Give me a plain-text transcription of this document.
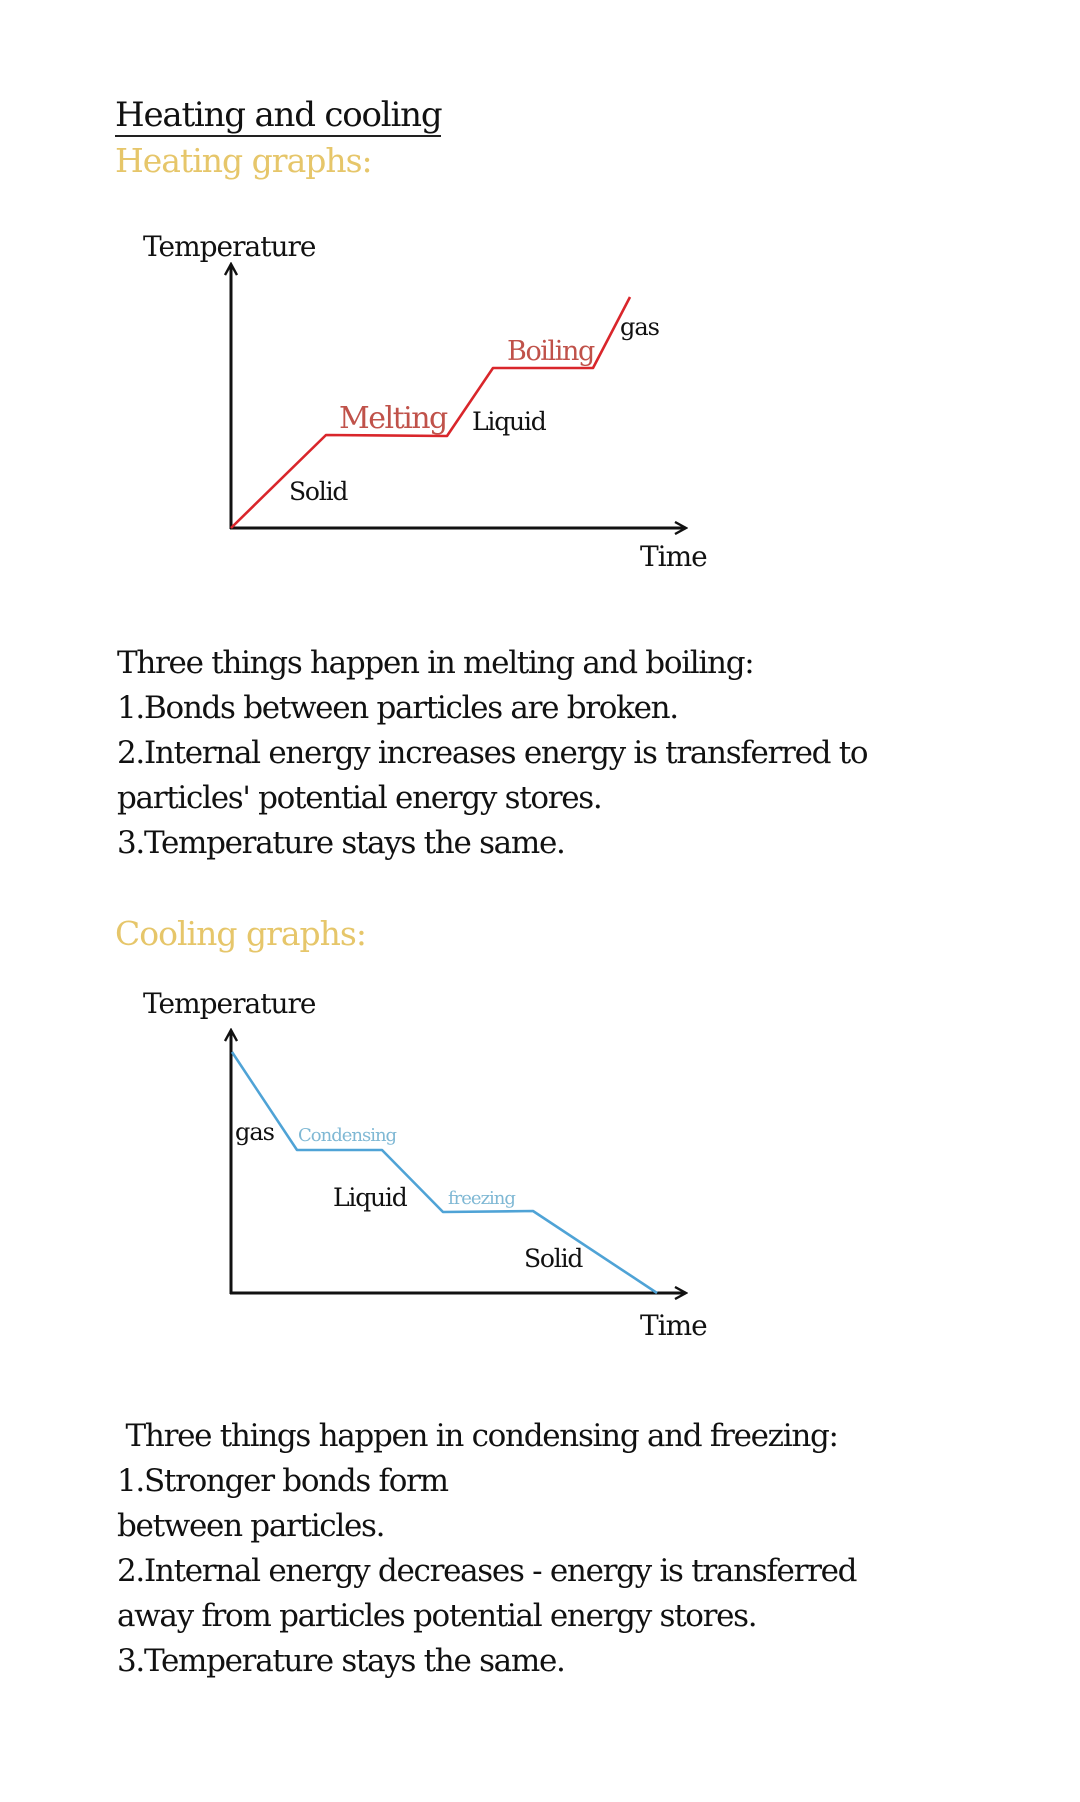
Heating and cooling
Heating graphs:
Temperature
Solid
Melting Liquid
Boiling
gas
Time
Three things happen in melting and boiling:
1.Bonds between particles are broken.
2.Internal energy increases energy is transferred to
particles' potential energy stores.
3.Temperature stays the same.
Cooling graphs:
Temperature
gas Condensing
Liquid freezing
Solid
Time
Three things happen in condensing and freezing:
1.Stronger bonds form
between particles.
2.Internal energy decreases - energy is transferred
away from particles potential energy stores.
3.Temperature stays the same.
